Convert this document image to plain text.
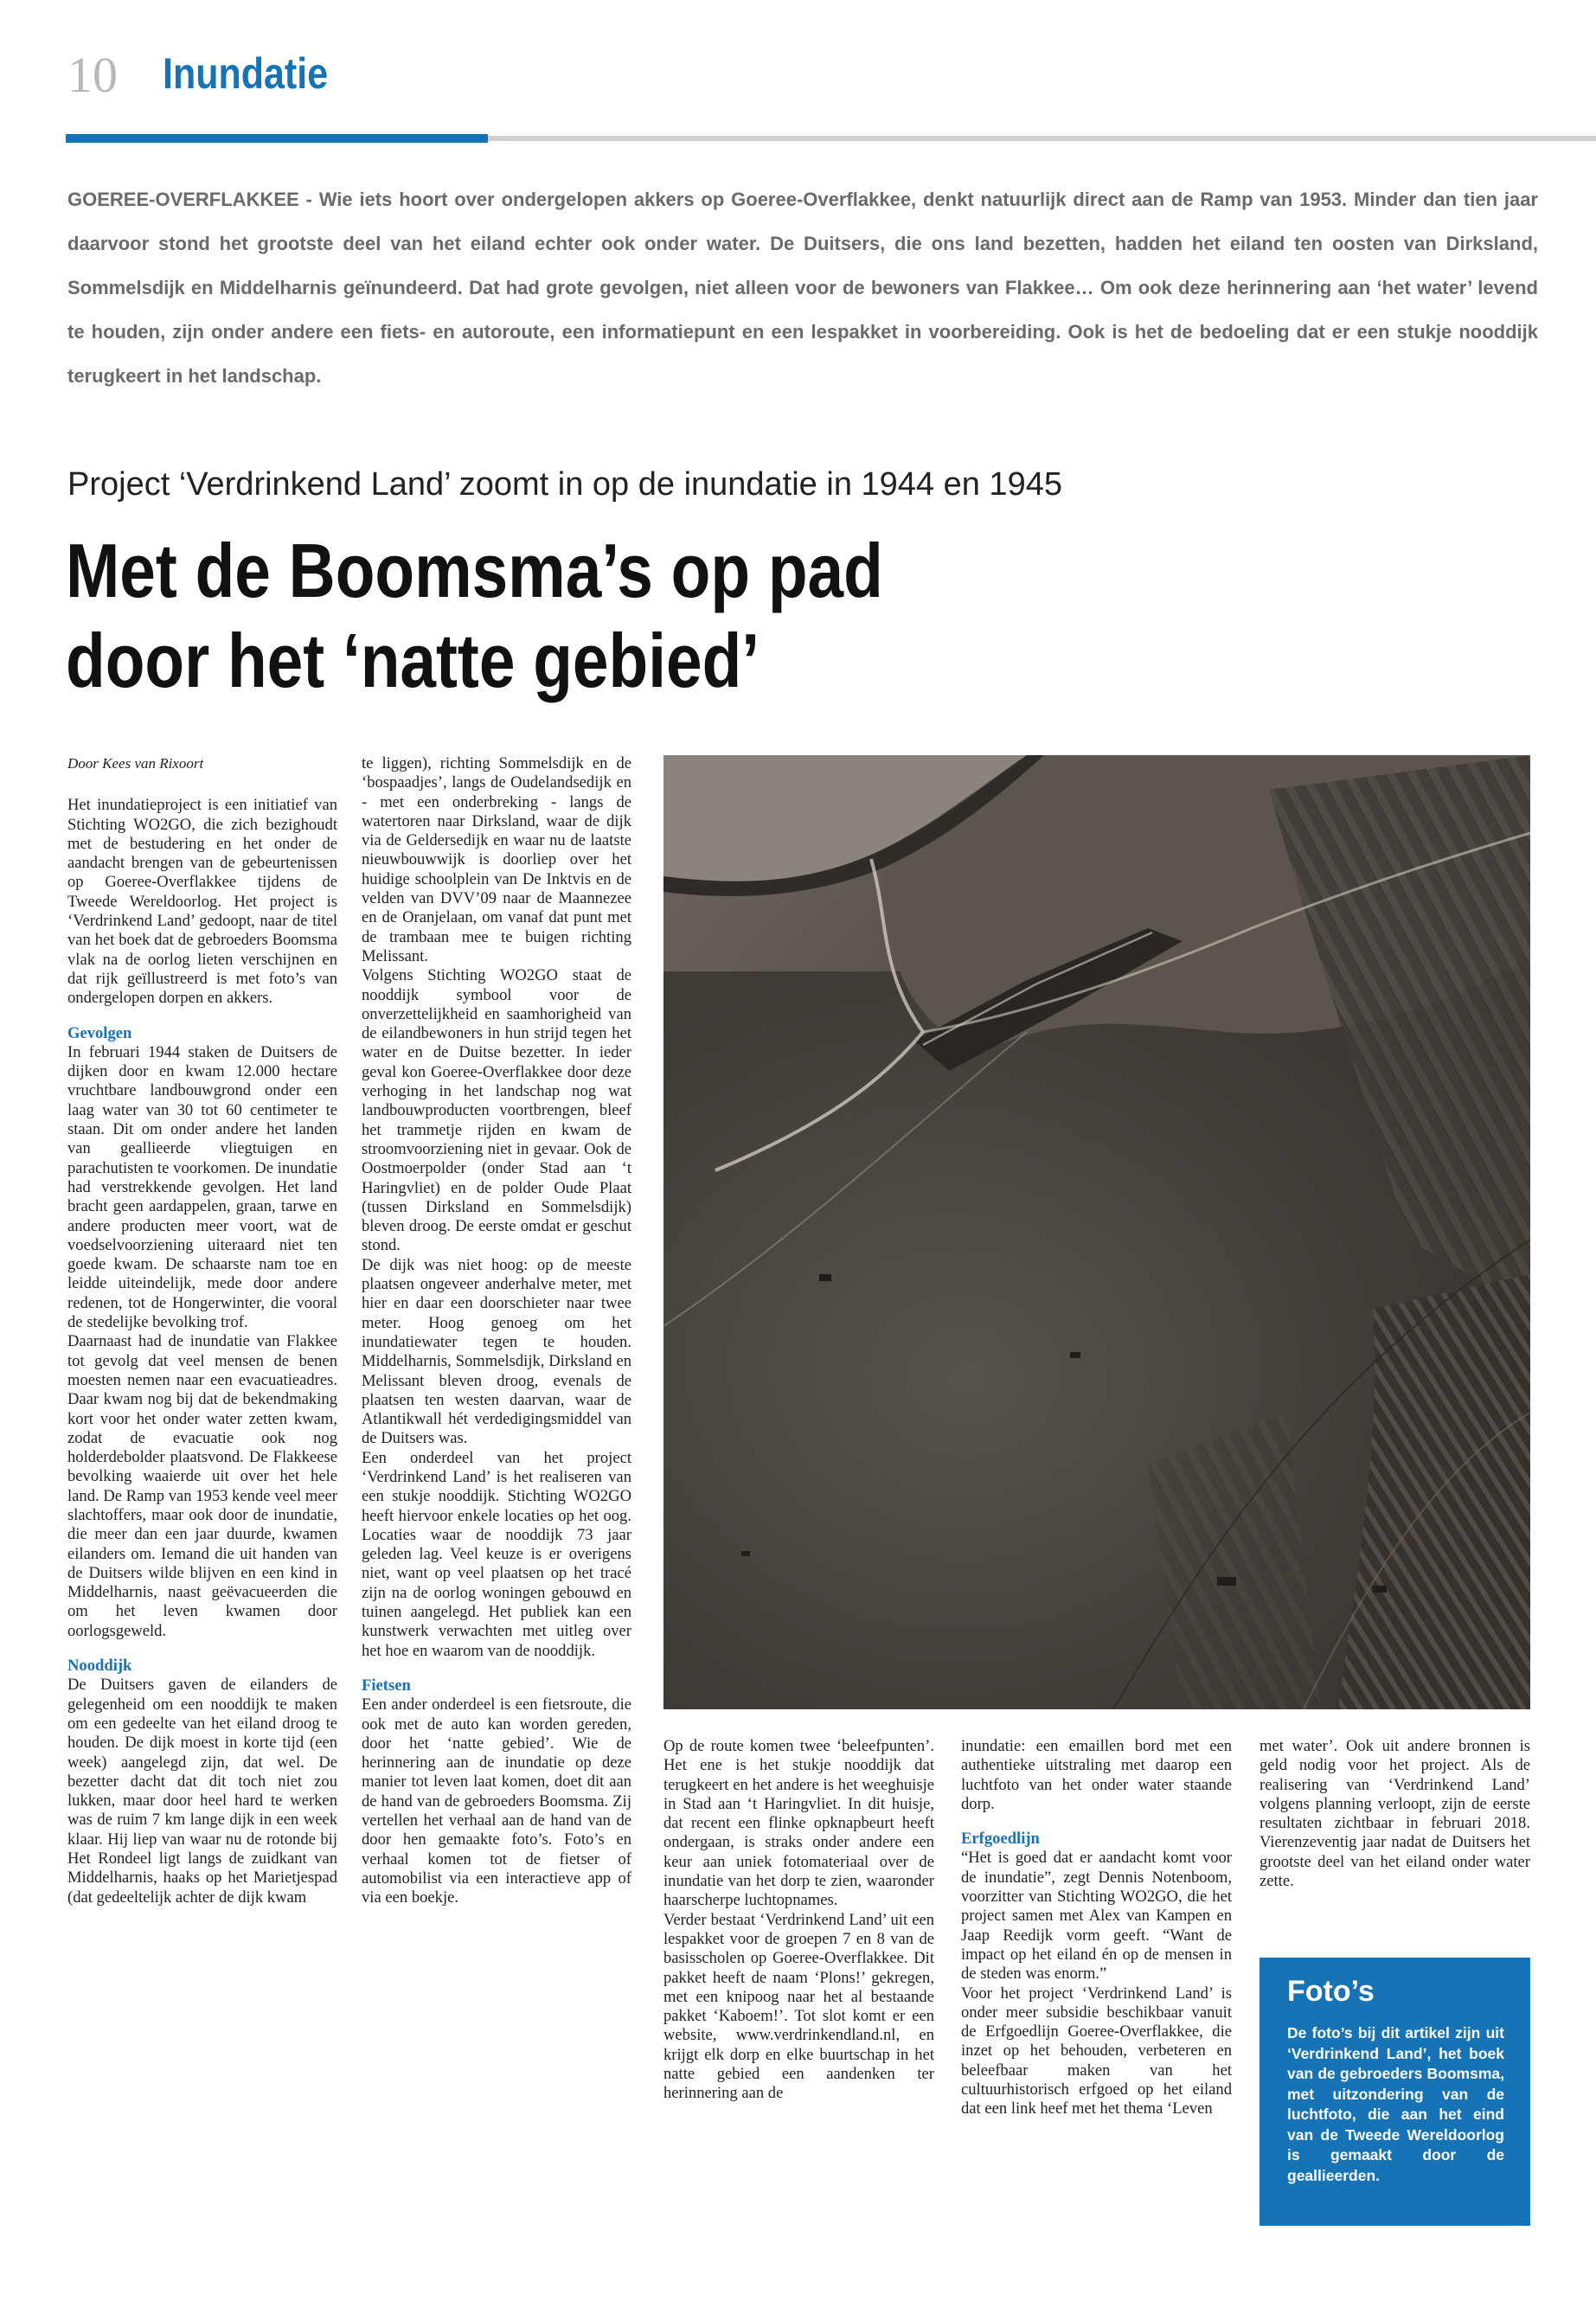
10 Inundatie

GOEREE-OVERFLAKKEE - Wie iets hoort over ondergelopen akkers op Goeree-Overflakkee, denkt natuurlijk direct aan de Ramp van 1953. Minder dan tien jaar daarvoor stond het grootste deel van het eiland echter ook onder water. De Duitsers, die ons land bezetten, hadden het eiland ten oosten van Dirksland, Sommelsdijk en Middelharnis geïnundeerd. Dat had grote gevolgen, niet alleen voor de bewoners van Flakkee… Om ook deze herinnering aan ‘het water’ levend te houden, zijn onder andere een fiets- en autoroute, een informatiepunt en een lespakket in voorbereiding. Ook is het de bedoeling dat er een stukje nooddijk terugkeert in het landschap.

Project ‘Verdrinkend Land’ zoomt in op de inundatie in 1944 en 1945

Met de Boomsma’s op pad
door het ‘natte gebied’

Door Kees van Rixoort

Het inundatieproject is een initiatief van Stichting WO2GO, die zich bezighoudt met de bestudering en het onder de aandacht brengen van de gebeurtenissen op Goeree-Overflakkee tijdens de Tweede Wereldoorlog. Het project is ‘Verdrinkend Land’ gedoopt, naar de titel van het boek dat de gebroeders Boomsma vlak na de oorlog lieten verschijnen en dat rijk geïllustreerd is met foto’s van ondergelopen dorpen en akkers.

Gevolgen

In februari 1944 staken de Duitsers de dijken door en kwam 12.000 hectare vruchtbare landbouwgrond onder een laag water van 30 tot 60 centimeter te staan. Dit om onder andere het landen van geallieerde vliegtuigen en parachutisten te voorkomen. De inundatie had verstrekkende gevolgen. Het land bracht geen aardappelen, graan, tarwe en andere producten meer voort, wat de voedselvoorziening uiteraard niet ten goede kwam. De schaarste nam toe en leidde uiteindelijk, mede door andere redenen, tot de Hongerwinter, die vooral de stedelijke bevolking trof.

Daarnaast had de inundatie van Flakkee tot gevolg dat veel mensen de benen moesten nemen naar een evacuatieadres. Daar kwam nog bij dat de bekendmaking kort voor het onder water zetten kwam, zodat de evacuatie ook nog holderdebolder plaatsvond. De Flakkeese bevolking waaierde uit over het hele land. De Ramp van 1953 kende veel meer slachtoffers, maar ook door de inundatie, die meer dan een jaar duurde, kwamen eilanders om. Iemand die uit handen van de Duitsers wilde blijven en een kind in Middelharnis, naast geëvacueerden die om het leven kwamen door oorlogsgeweld.

Nooddijk

De Duitsers gaven de eilanders de gelegenheid om een nooddijk te maken om een gedeelte van het eiland droog te houden. De dijk moest in korte tijd (een week) aangelegd zijn, dat wel. De bezetter dacht dat dit toch niet zou lukken, maar door heel hard te werken was de ruim 7 km lange dijk in een week klaar. Hij liep van waar nu de rotonde bij Het Rondeel ligt langs de zuidkant van Middelharnis, haaks op het Marietjespad (dat gedeeltelijk achter de dijk kwam

te liggen), richting Sommelsdijk en de ‘bospaadjes’, langs de Oudelandsedijk en - met een onderbreking - langs de watertoren naar Dirksland, waar de dijk via de Geldersedijk en waar nu de laatste nieuwbouwwijk is doorliep over het huidige schoolplein van De Inktvis en de velden van DVV’09 naar de Maannezee en de Oranjelaan, om vanaf dat punt met de trambaan mee te buigen richting Melissant.

Volgens Stichting WO2GO staat de nooddijk symbool voor de onverzettelijkheid en saamhorigheid van de eilandbewoners in hun strijd tegen het water en de Duitse bezetter. In ieder geval kon Goeree-Overflakkee door deze verhoging in het landschap nog wat landbouwproducten voortbrengen, bleef het trammetje rijden en kwam de stroomvoorziening niet in gevaar. Ook de Oostmoerpolder (onder Stad aan ‘t Haringvliet) en de polder Oude Plaat (tussen Dirksland en Sommelsdijk) bleven droog. De eerste omdat er geschut stond.

De dijk was niet hoog: op de meeste plaatsen ongeveer anderhalve meter, met hier en daar een doorschieter naar twee meter. Hoog genoeg om het inundatiewater tegen te houden. Middelharnis, Sommelsdijk, Dirksland en Melissant bleven droog, evenals de plaatsen ten westen daarvan, waar de Atlantikwall hét verdedigingsmiddel van de Duitsers was.

Een onderdeel van het project ‘Verdrinkend Land’ is het realiseren van een stukje nooddijk. Stichting WO2GO heeft hiervoor enkele locaties op het oog. Locaties waar de nooddijk 73 jaar geleden lag. Veel keuze is er overigens niet, want op veel plaatsen op het tracé zijn na de oorlog woningen gebouwd en tuinen aangelegd. Het publiek kan een kunstwerk verwachten met uitleg over het hoe en waarom van de nooddijk.

Fietsen

Een ander onderdeel is een fietsroute, die ook met de auto kan worden gereden, door het ‘natte gebied’. Wie de herinnering aan de inundatie op deze manier tot leven laat komen, doet dit aan de hand van de gebroeders Boomsma. Zij vertellen het verhaal aan de hand van de door hen gemaakte foto’s. Foto’s en verhaal komen tot de fietser of automobilist via een interactieve app of via een boekje.

Op de route komen twee ‘beleefpunten’. Het ene is het stukje nooddijk dat terugkeert en het andere is het weeghuisje in Stad aan ‘t Haringvliet. In dit huisje, dat recent een flinke opknapbeurt heeft ondergaan, is straks onder andere een keur aan uniek fotomateriaal over de inundatie van het dorp te zien, waaronder haarscherpe luchtopnames.

Verder bestaat ‘Verdrinkend Land’ uit een lespakket voor de groepen 7 en 8 van de basisscholen op Goeree-Overflakkee. Dit pakket heeft de naam ‘Plons!’ gekregen, met een knipoog naar het al bestaande pakket ‘Kaboem!’. Tot slot komt er een website, www.verdrinkendland.nl, en krijgt elk dorp en elke buurtschap in het natte gebied een aandenken ter herinnering aan de

inundatie: een emaillen bord met een authentieke uitstraling met daarop een luchtfoto van het onder water staande dorp.

Erfgoedlijn

“Het is goed dat er aandacht komt voor de inundatie”, zegt Dennis Notenboom, voorzitter van Stichting WO2GO, die het project samen met Alex van Kampen en Jaap Reedijk vorm geeft. “Want de impact op het eiland én op de mensen in de steden was enorm.”

Voor het project ‘Verdrinkend Land’ is onder meer subsidie beschikbaar vanuit de Erfgoedlijn Goeree-Overflakkee, die inzet op het behouden, verbeteren en beleefbaar maken van het cultuurhistorisch erfgoed op het eiland dat een link heef met het thema ‘Leven

met water’. Ook uit andere bronnen is geld nodig voor het project. Als de realisering van ‘Verdrinkend Land’ volgens planning verloopt, zijn de eerste resultaten zichtbaar in februari 2018. Vierenzeventig jaar nadat de Duitsers het grootste deel van het eiland onder water zette.

Foto’s

De foto’s bij dit artikel zijn uit ‘Verdrinkend Land’, het boek van de gebroeders Boomsma, met uitzondering van de luchtfoto, die aan het eind van de Tweede Wereldoorlog is gemaakt door de geallieerden.
